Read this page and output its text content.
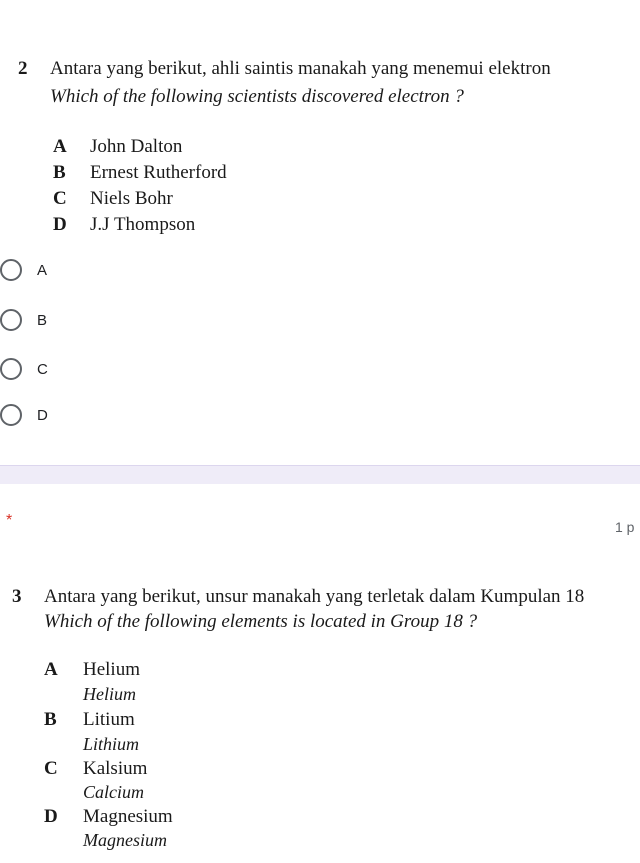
2 Antara yang berikut, ahli saintis manakah yang menemui elektron
Which of the following scientists discovered electron ?
A John Dalton
B Ernest Rutherford
C Niels Bohr
D J.J Thompson
A
B
C
D
*	1 p
3 Antara yang berikut, unsur manakah yang terletak dalam Kumpulan 18
Which of the following elements is located in Group 18 ?
A Helium
Helium
B Litium
Lithium
C Kalsium
Calcium
D Magnesium
Magnesium
